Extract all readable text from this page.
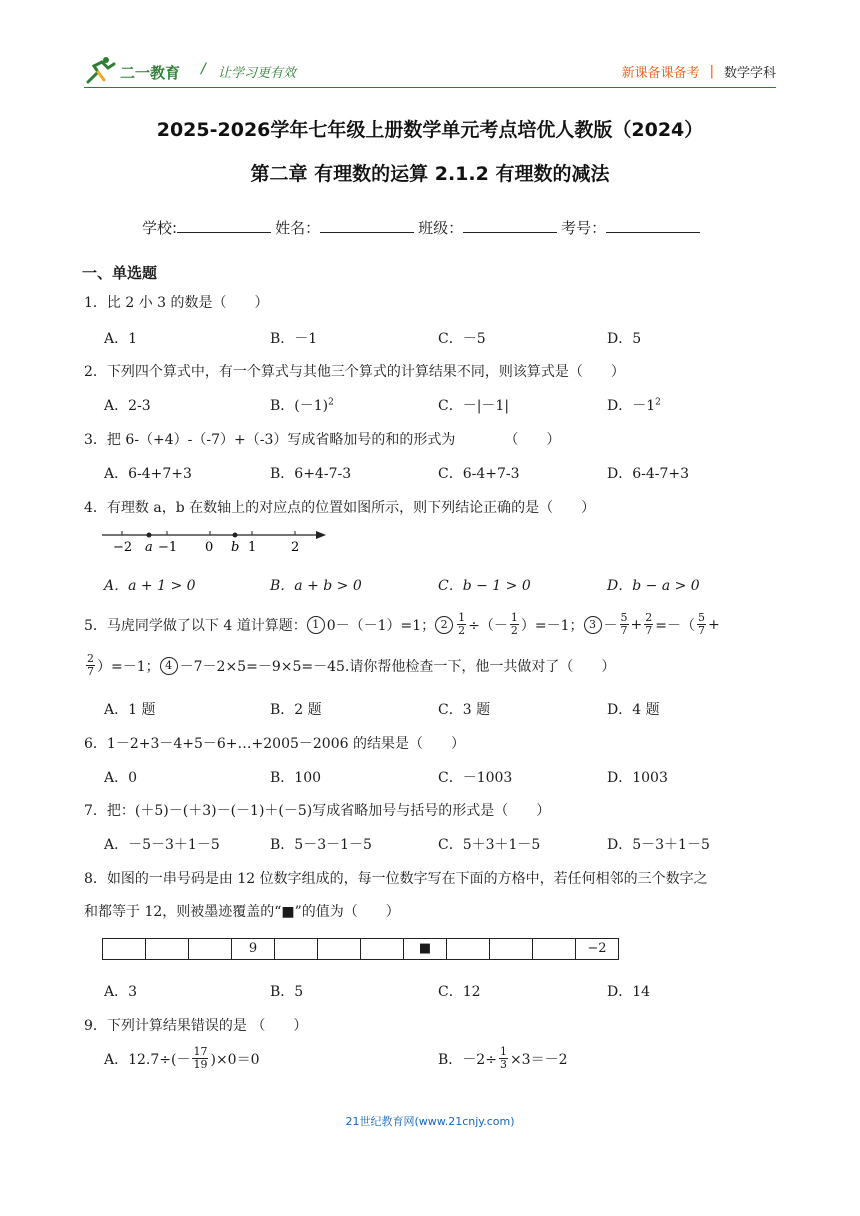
二一教育 / 让学习更有效	新课备课备考 | 数学学科
2025-2026学年七年级上册数学单元考点培优人教版（2024）
第二章 有理数的运算 2.1.2 有理数的减法
学校:	姓名：	班级：	考号：
一、单选题
1．比 2 小 3 的数是（　　）
A．1	B．－1	C．－5	D．5
2．下列四个算式中，有一个算式与其他三个算式的计算结果不同，则该算式是（　　）
A．2-3	B．$(-1)^2$	C．－|－1|	D．$-1^2$
3．把 6-（+4）-（-7）+（-3）写成省略加号的和的形式为　　　　（　　）
A．6-4+7+3	B．6+4-7-3	C．6-4+7-3	D．6-4-7+3
4．有理数 a，b 在数轴上的对应点的位置如图所示，则下列结论正确的是（　　）
−2 a −1 0 b 1	2
A．a + 1 > 0	B．a + b > 0	C．b − 1 > 0	D．b − a > 0
5．马虎同学做了以下 4 道计算题： 1 0－（－1）=1； $2 \frac{1}{2}$ ÷（－ $\frac{1}{2} )=-1$； $3 - \frac{5}{7} + \frac{2}{7}$ =－（ $\frac{5}{7}$ +
$\frac{2}{7} )=-1$； 4 －7－2×5=－9×5=－45.请你帮他检查一下，他一共做对了（　　）
A．1 题	B．2 题	C．3 题	D．4 题
6．1－2+3－4+5－6+…+2005－2006 的结果是（　　）
A．0	B．100	C．－1003	D．1003
7．把：(＋5)－(＋3)－(－1)＋(－5)写成省略加号与括号的形式是（　　）
A．－5－3＋1－5	B．5－3－1－5	C．5＋3＋1－5	D．5－3＋1－5
8．如图的一串号码是由 12 位数字组成的，每一位数字写在下面的方格中，若任何相邻的三个数字之
和都等于 12，则被墨迹覆盖的“■”的值为（　　）
9	■	−2
A．3	B．5	C．12	D．14
9．下列计算结果错误的是 （　　）
A．$12.7\div(- \frac{17}{19} )\times 0=0$	B．$-2\div \frac{1}{3} \times 3=-2$
21世纪教育网(www.21cnjy.com)
